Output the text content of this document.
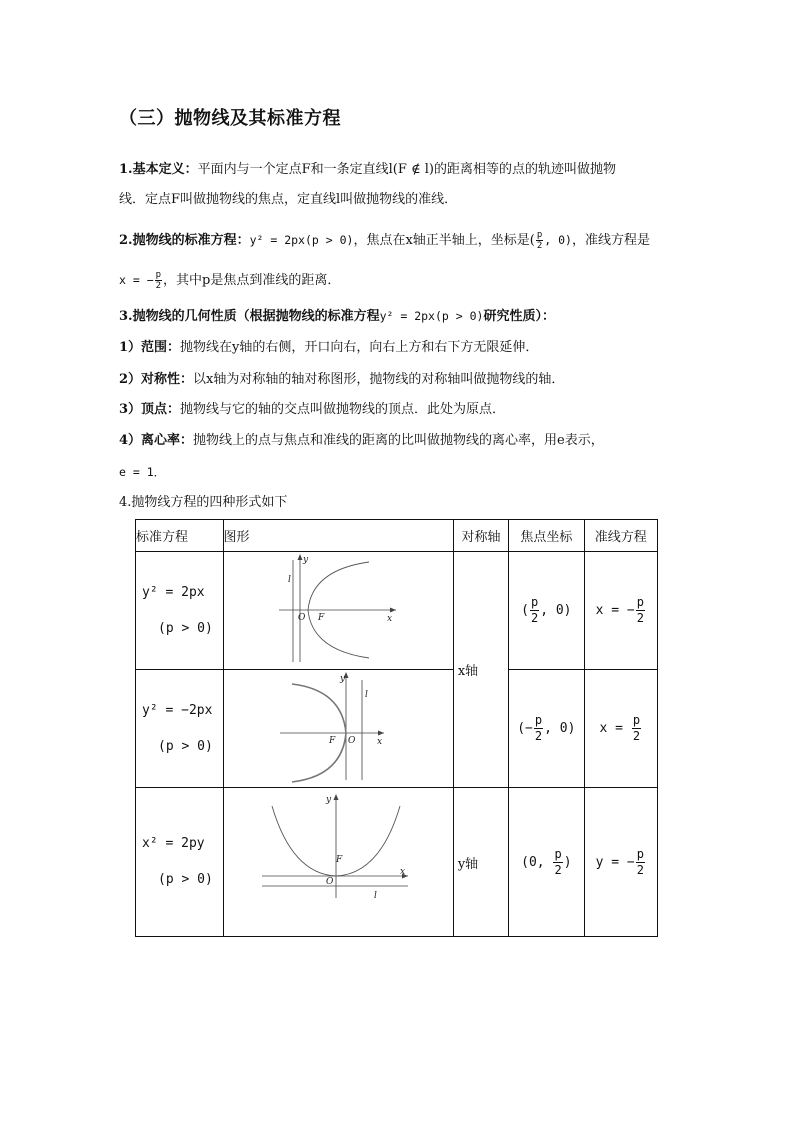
（三）抛物线及其标准方程
1.基本定义：平面内与一个定点F和一条定直线l(F ∉ l)的距离相等的点的轨迹叫做抛物
线．定点F叫做抛物线的焦点，定直线l叫做抛物线的准线．
2.抛物线的标准方程：y² = 2px(p > 0)，焦点在x轴正半轴上，坐标是( $\frac{p}{2}$ , 0)，准线方程是
x = − $\frac{p}{2}$ ，其中p是焦点到准线的距离．
3.抛物线的几何性质（根据抛物线的标准方程y² = 2px(p > 0)研究性质）：
1）范围：抛物线在y轴的右侧，开口向右，向右上方和右下方无限延伸．
2）对称性：以x轴为对称轴的轴对称图形，抛物线的对称轴叫做抛物线的轴．
3）顶点：抛物线与它的轴的交点叫做抛物线的顶点．此处为原点．
4）离心率：抛物线上的点与焦点和准线的距离的比叫做抛物线的离心率，用e表示，
e = 1．
4.抛物线方程的四种形式如下
标准方程	图形	对称轴	焦点坐标	准线方程
y² = 2px
(p > 0)	y
x
O F
l	x轴	( $\frac{p}{2}$ , 0)	x = − $\frac{p}{2}$

y² = −2px
(p > 0)	y
x
O
F
l		(− $\frac{p}{2}$ , 0)	$x = \frac{p}{2}$

x² = 2py
(p > 0)	y
x
O
F
l	y轴	(0, $\frac{p}{2}$ )	y = − $\frac{p}{2}$
